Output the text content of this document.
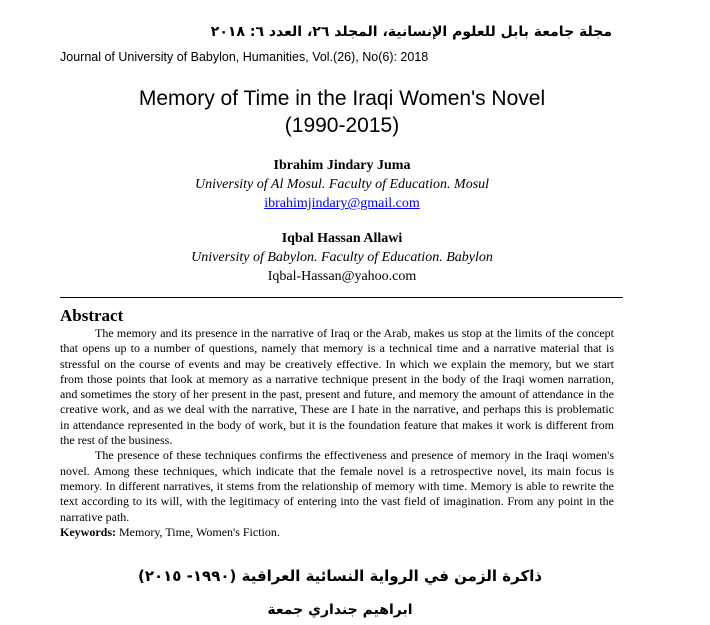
مجلة جامعة بابل للعلوم الإنسانية، المجلد ٢٦، العدد ٦: ٢٠١٨
Journal of University of Babylon, Humanities, Vol.(26), No(6): 2018
Memory of Time in the Iraqi Women's Novel
(1990-2015)
Ibrahim Jindary Juma
University of Al Mosul. Faculty of Education. Mosul
ibrahimjindary@gmail.com
Iqbal Hassan Allawi
University of Babylon. Faculty of Education. Babylon
Iqbal-Hassan@yahoo.com
Abstract

The memory and its presence in the narrative of Iraq or the Arab, makes us stop at the limits of the concept that opens up to a number of questions, namely that memory is a technical time and a narrative material that is stressful on the course of events and may be creatively effective. In which we explain the memory, but we start from those points that look at memory as a narrative technique present in the body of the Iraqi women narration, and sometimes the story of her present in the past, present and future, and memory the amount of attendance in the creative work, and as we deal with the narrative, These are I hate in the narrative, and perhaps this is problematic in attendance represented in the body of work, but it is the foundation feature that makes it work is different from the rest of the business.

The presence of these techniques confirms the effectiveness and presence of memory in the Iraqi women's novel. Among these techniques, which indicate that the female novel is a retrospective novel, its main focus is memory. In different narratives, it stems from the relationship of memory with time. Memory is able to rewrite the text according to its will, with the legitimacy of entering into the vast field of imagination. From any point in the narrative path.

Keywords: Memory, Time, Women's Fiction.

ذاكرة الزمن في الرواية النسائية العراقية (١٩٩٠- ٢٠١٥)
ابراهيم جنداري جمعة
